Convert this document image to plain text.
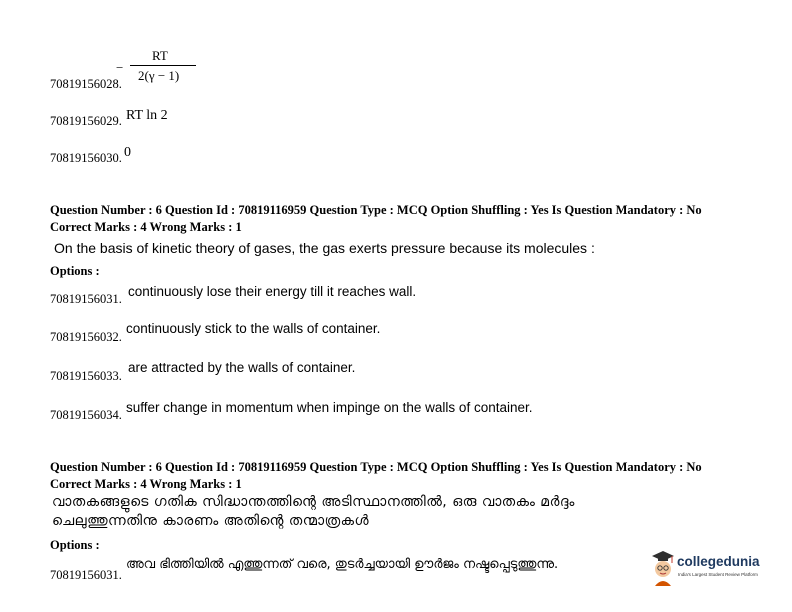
−
RT
2(γ − 1)
70819156028.
70819156029. RT ln 2
70819156030. 0
Question Number : 6 Question Id : 70819116959 Question Type : MCQ Option Shuffling : Yes Is Question Mandatory : No
Correct Marks : 4 Wrong Marks : 1
On the basis of kinetic theory of gases, the gas exerts pressure because its molecules :
Options :
70819156031. continuously lose their energy till it reaches wall.
70819156032.
continuously stick to the walls of container.
70819156033.
are attracted by the walls of container.
70819156034. suffer change in momentum when impinge on the walls of container.
Question Number : 6 Question Id : 70819116959 Question Type : MCQ Option Shuffling : Yes Is Question Mandatory : No
Correct Marks : 4 Wrong Marks : 1
വാതകങ്ങളുടെ ഗതിക സിദ്ധാന്തത്തിന്റെ അടിസ്ഥാനത്തിൽ, ഒരു വാതകം മർദ്ദം
ചെലുത്തുന്നതിനു കാരണം അതിന്റെ തന്മാത്രകൾ
Options :
70819156031.
അവ ഭിത്തിയിൽ എത്തുന്നത് വരെ, തുടർച്ചയായി ഊർജം നഷ്ടപ്പെടുത്തുന്നു.	collegedunia
India's Largest Student Review Platform
